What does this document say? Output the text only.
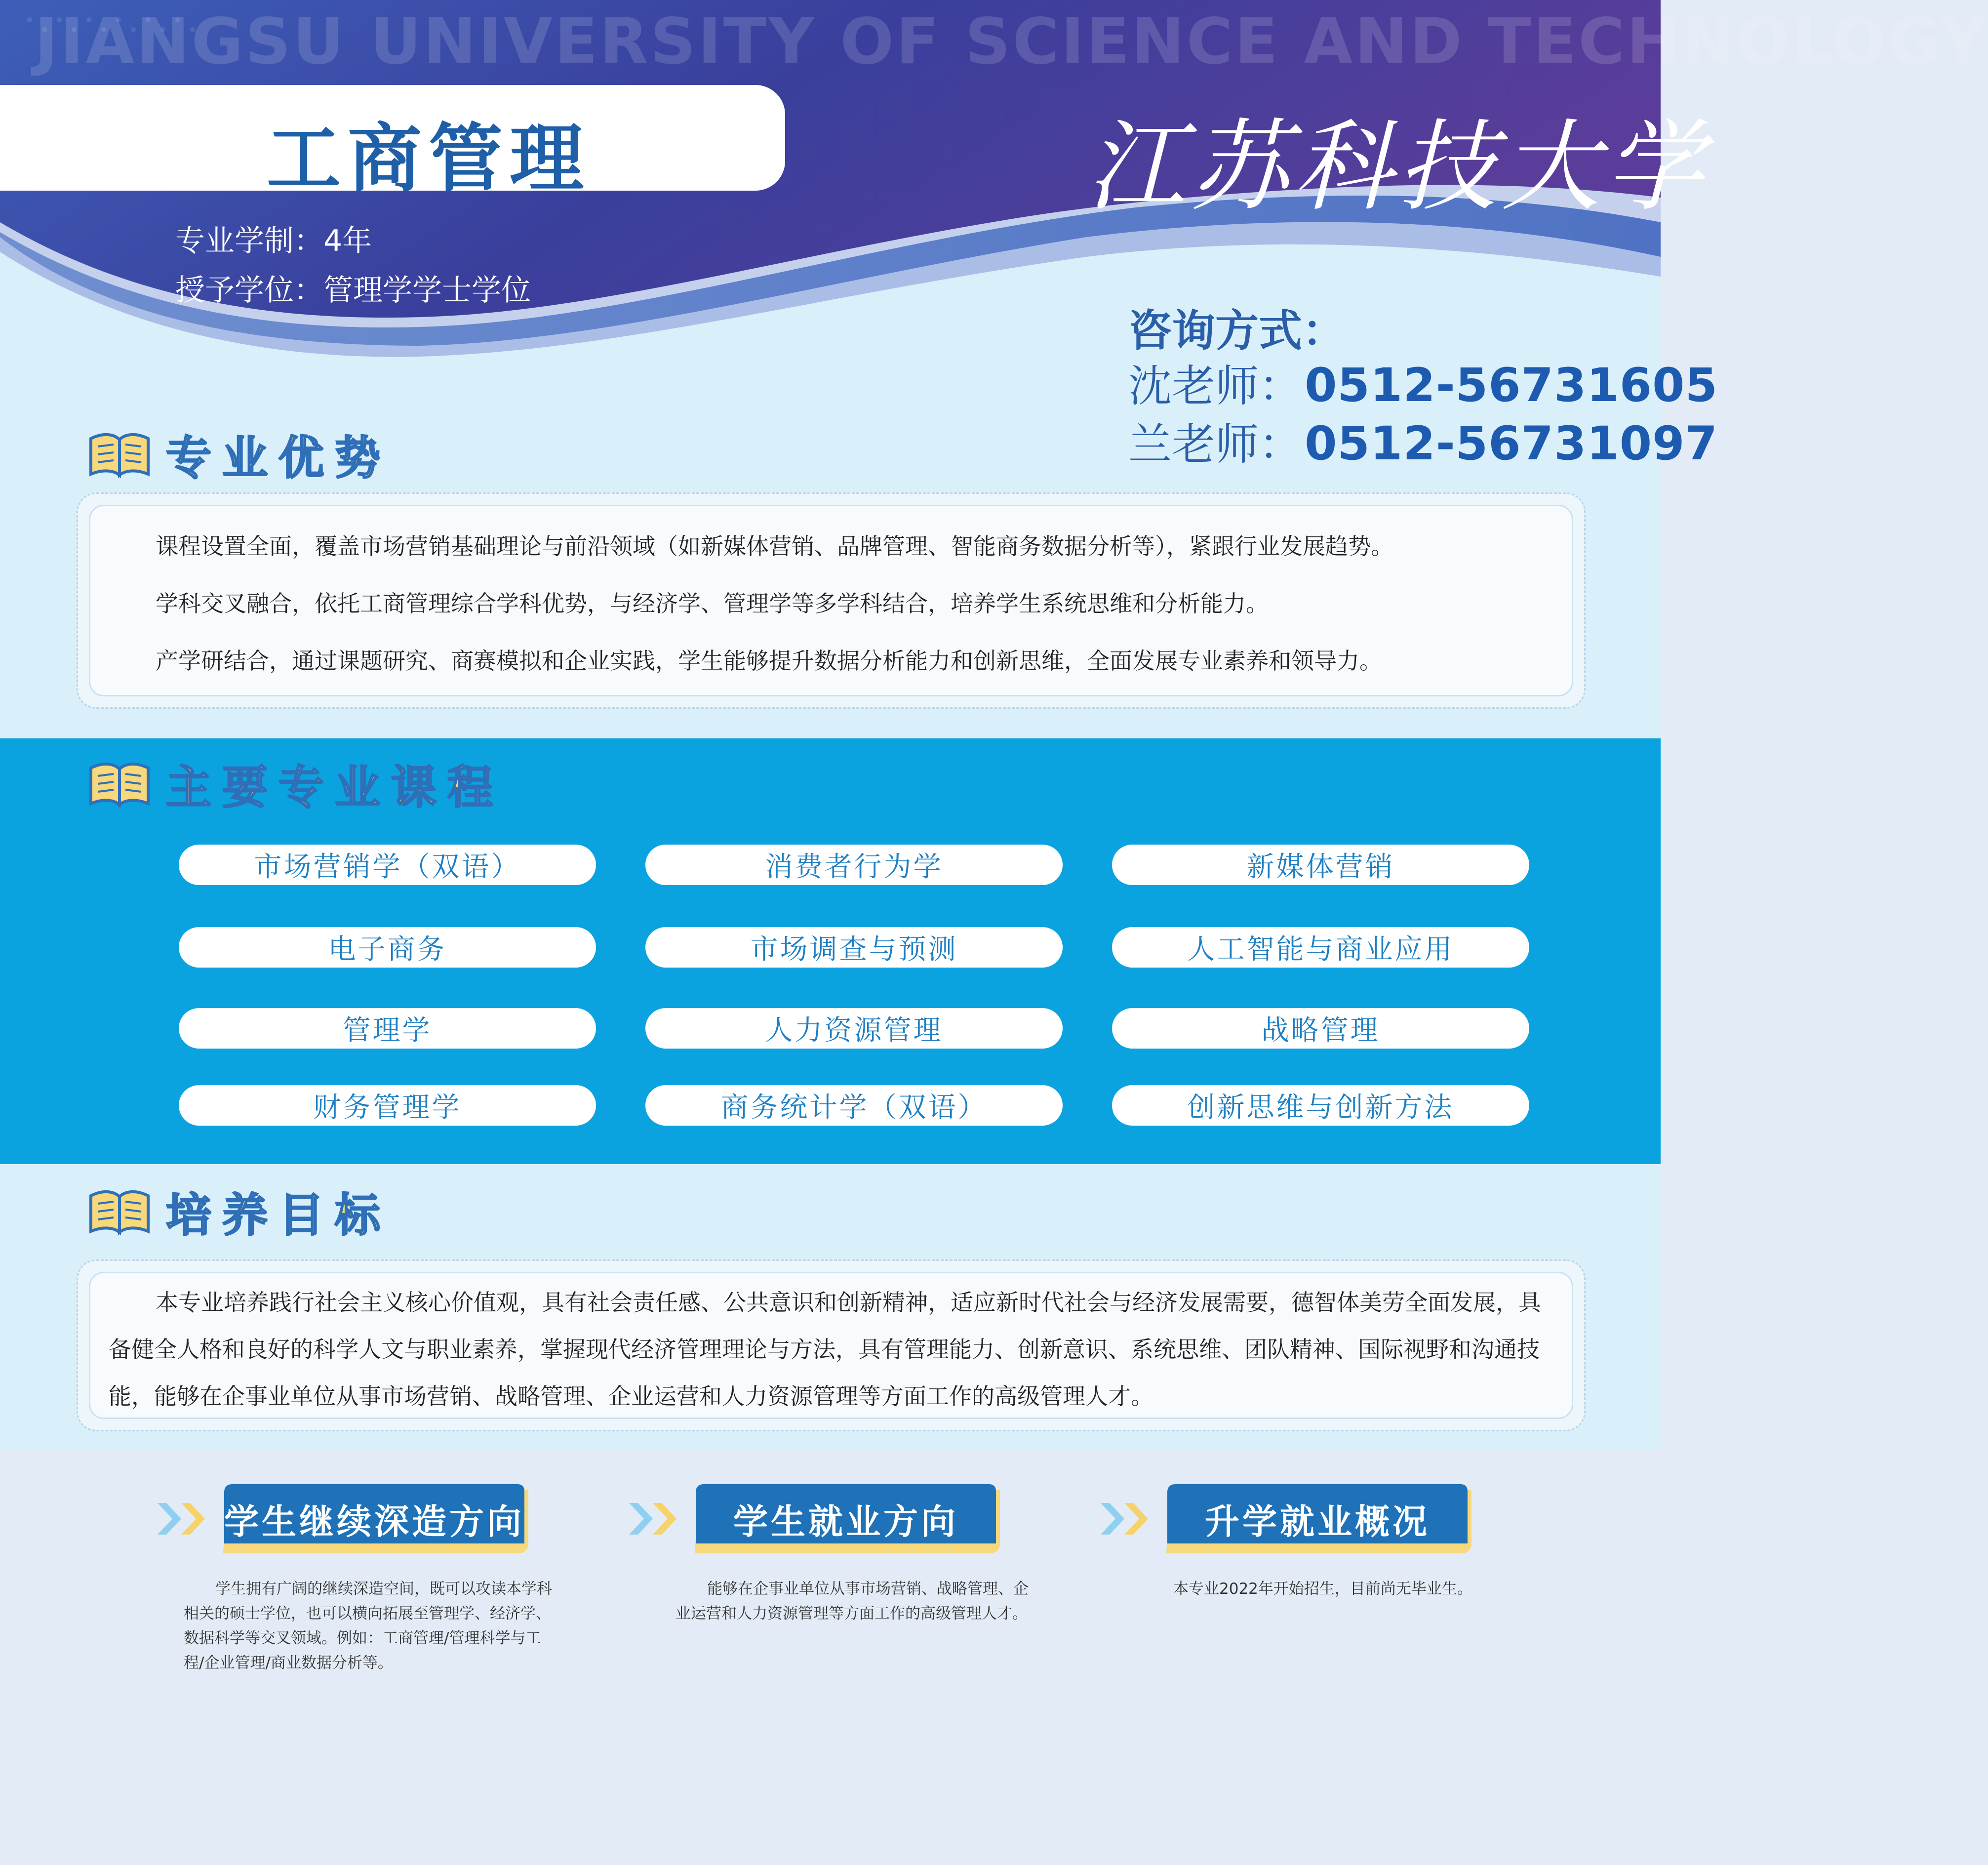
JIANGSU UNIVERSITY OF SCIENCE AND TECHNOLOGY
工商管理	江苏科技大学
专业学制：4年
授予学位：管理学学士学位
咨询方式：
沈老师： 0512-56731605
兰老师： 0512-56731097
专业优势
课程设置全面，覆盖市场营销基础理论与前沿领域（如新媒体营销、品牌管理、智能商务数据分析等），紧跟行业发展趋势。
学科交叉融合，依托工商管理综合学科优势，与经济学、管理学等多学科结合，培养学生系统思维和分析能力。
产学研结合，通过课题研究、商赛模拟和企业实践，学生能够提升数据分析能力和创新思维，全面发展专业素养和领导力。
主要专业课程
市场营销学（双语）	消费者行为学	新媒体营销
电子商务	市场调查与预测	人工智能与商业应用
管理学	人力资源管理	战略管理
财务管理学	商务统计学（双语）	创新思维与创新方法
培养目标

本专业培养践行社会主义核心价值观，具有社会责任感、公共意识和创新精神，适应新时代社会与经济发展需要，德智体美劳全面发展，具备健全人格和良好的科学人文与职业素养，掌握现代经济管理理论与方法，具有管理能力、创新意识、系统思维、团队精神、国际视野和沟通技能，能够在企事业单位从事市场营销、战略管理、企业运营和人力资源管理等方面工作的高级管理人才。

学生继续深造方向

学生拥有广阔的继续深造空间，既可以攻读本学科相关的硕士学位，也可以横向拓展至管理学、经济学、数据科学等交叉领域。例如：工商管理/管理科学与工程/企业管理/商业数据分析等。

学生就业方向

能够在企事业单位从事市场营销、战略管理、企业运营和人力资源管理等方面工作的高级管理人才。

升学就业概况

本专业2022年开始招生，目前尚无毕业生。
